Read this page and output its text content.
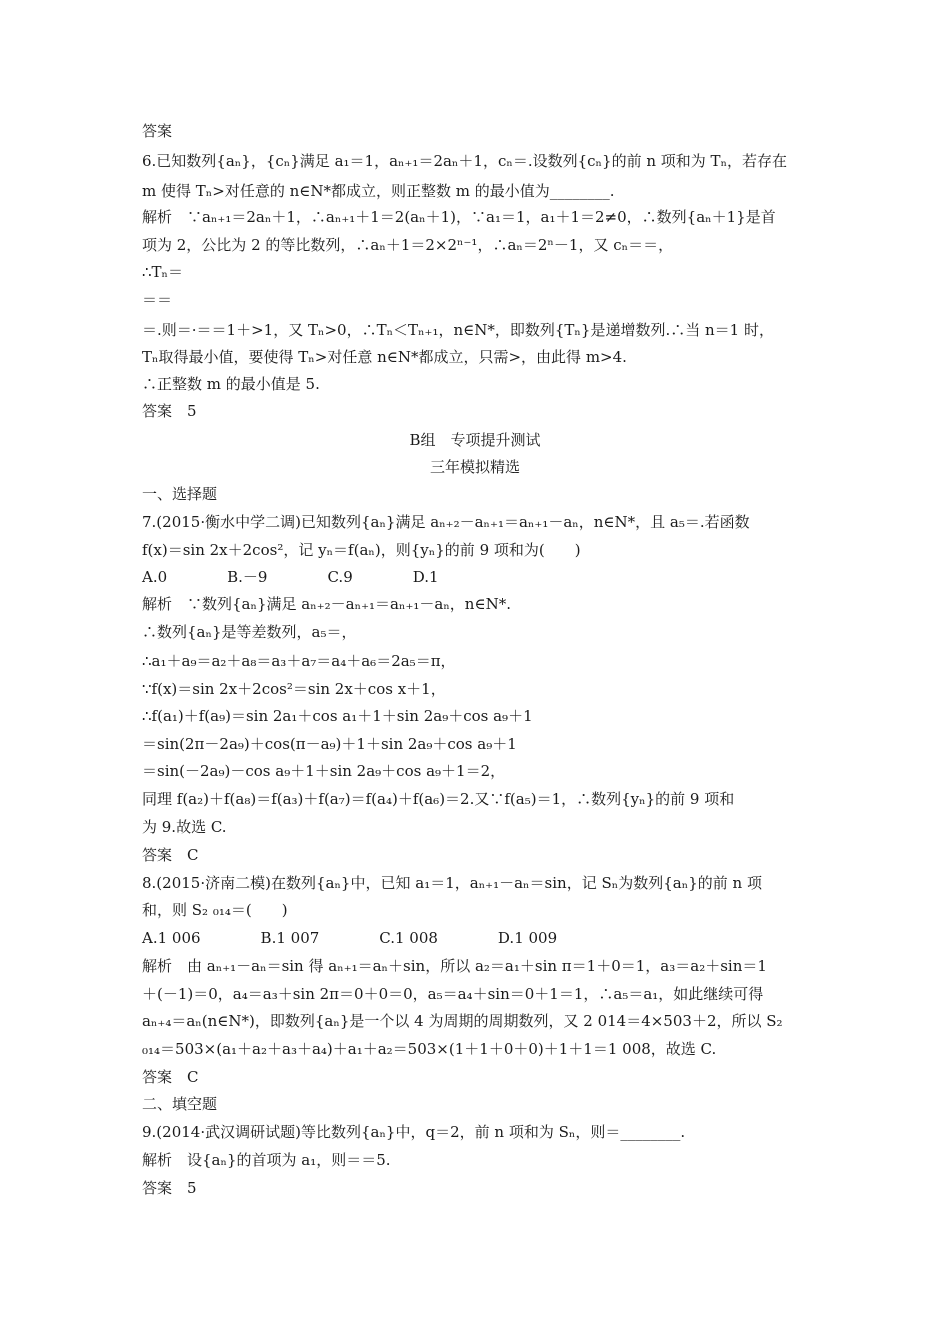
答案
6.已知数列{aₙ}，{cₙ}满足 a₁＝1，aₙ₊₁＝2aₙ＋1，cₙ＝.设数列{cₙ}的前 n 项和为 Tₙ，若存在
m 使得 Tₙ>对任意的 n∈N*都成立，则正整数 m 的最小值为________.
解析　∵aₙ₊₁＝2aₙ＋1，∴aₙ₊₁＋1＝2(aₙ＋1)，∵a₁＝1，a₁＋1＝2≠0，∴数列{aₙ＋1}是首
项为 2，公比为 2 的等比数列，∴aₙ＋1＝2×2ⁿ⁻¹，∴aₙ＝2ⁿ－1，又 cₙ＝＝，
∴Tₙ＝
＝＝
＝.则＝·＝＝1＋>1，又 Tₙ>0，∴Tₙ＜Tₙ₊₁，n∈N*，即数列{Tₙ}是递增数列.∴当 n＝1 时，
Tₙ取得最小值，要使得 Tₙ>对任意 n∈N*都成立，只需>，由此得 m>4.
∴正整数 m 的最小值是 5.
答案　5
B组　专项提升测试
三年模拟精选
一、选择题
7.(2015·衡水中学二调)已知数列{aₙ}满足 aₙ₊₂－aₙ₊₁＝aₙ₊₁－aₙ，n∈N*，且 a₅＝.若函数
f(x)＝sin 2x＋2cos²，记 yₙ＝f(aₙ)，则{yₙ}的前 9 项和为(　　)
A.0　　　　B.－9　　　　C.9　　　　D.1
解析　∵数列{aₙ}满足 aₙ₊₂－aₙ₊₁＝aₙ₊₁－aₙ，n∈N*.
∴数列{aₙ}是等差数列，a₅＝，
∴a₁＋a₉＝a₂＋a₈＝a₃＋a₇＝a₄＋a₆＝2a₅＝π，
∵f(x)＝sin 2x＋2cos²＝sin 2x＋cos x＋1，
∴f(a₁)＋f(a₉)＝sin 2a₁＋cos a₁＋1＋sin 2a₉＋cos a₉＋1
＝sin(2π－2a₉)＋cos(π－a₉)＋1＋sin 2a₉＋cos a₉＋1
＝sin(－2a₉)－cos a₉＋1＋sin 2a₉＋cos a₉＋1＝2，
同理 f(a₂)＋f(a₈)＝f(a₃)＋f(a₇)＝f(a₄)＋f(a₆)＝2.又∵f(a₅)＝1，∴数列{yₙ}的前 9 项和
为 9.故选 C.
答案　C
8.(2015·济南二模)在数列{aₙ}中，已知 a₁＝1，aₙ₊₁－aₙ＝sin，记 Sₙ为数列{aₙ}的前 n 项
和，则 S₂ ₀₁₄＝(　　)
A.1 006　　　　B.1 007　　　　C.1 008　　　　D.1 009
解析　由 aₙ₊₁－aₙ＝sin 得 aₙ₊₁＝aₙ＋sin，所以 a₂＝a₁＋sin π＝1＋0＝1，a₃＝a₂＋sin＝1
＋(－1)＝0，a₄＝a₃＋sin 2π＝0＋0＝0，a₅＝a₄＋sin＝0＋1＝1，∴a₅＝a₁，如此继续可得
aₙ₊₄＝aₙ(n∈N*)，即数列{aₙ}是一个以 4 为周期的周期数列，又 2 014＝4×503＋2，所以 S₂
₀₁₄＝503×(a₁＋a₂＋a₃＋a₄)＋a₁＋a₂＝503×(1＋1＋0＋0)＋1＋1＝1 008，故选 C.
答案　C
二、填空题
9.(2014·武汉调研试题)等比数列{aₙ}中，q＝2，前 n 项和为 Sₙ，则＝________.
解析　设{aₙ}的首项为 a₁，则＝＝5.
答案　5
